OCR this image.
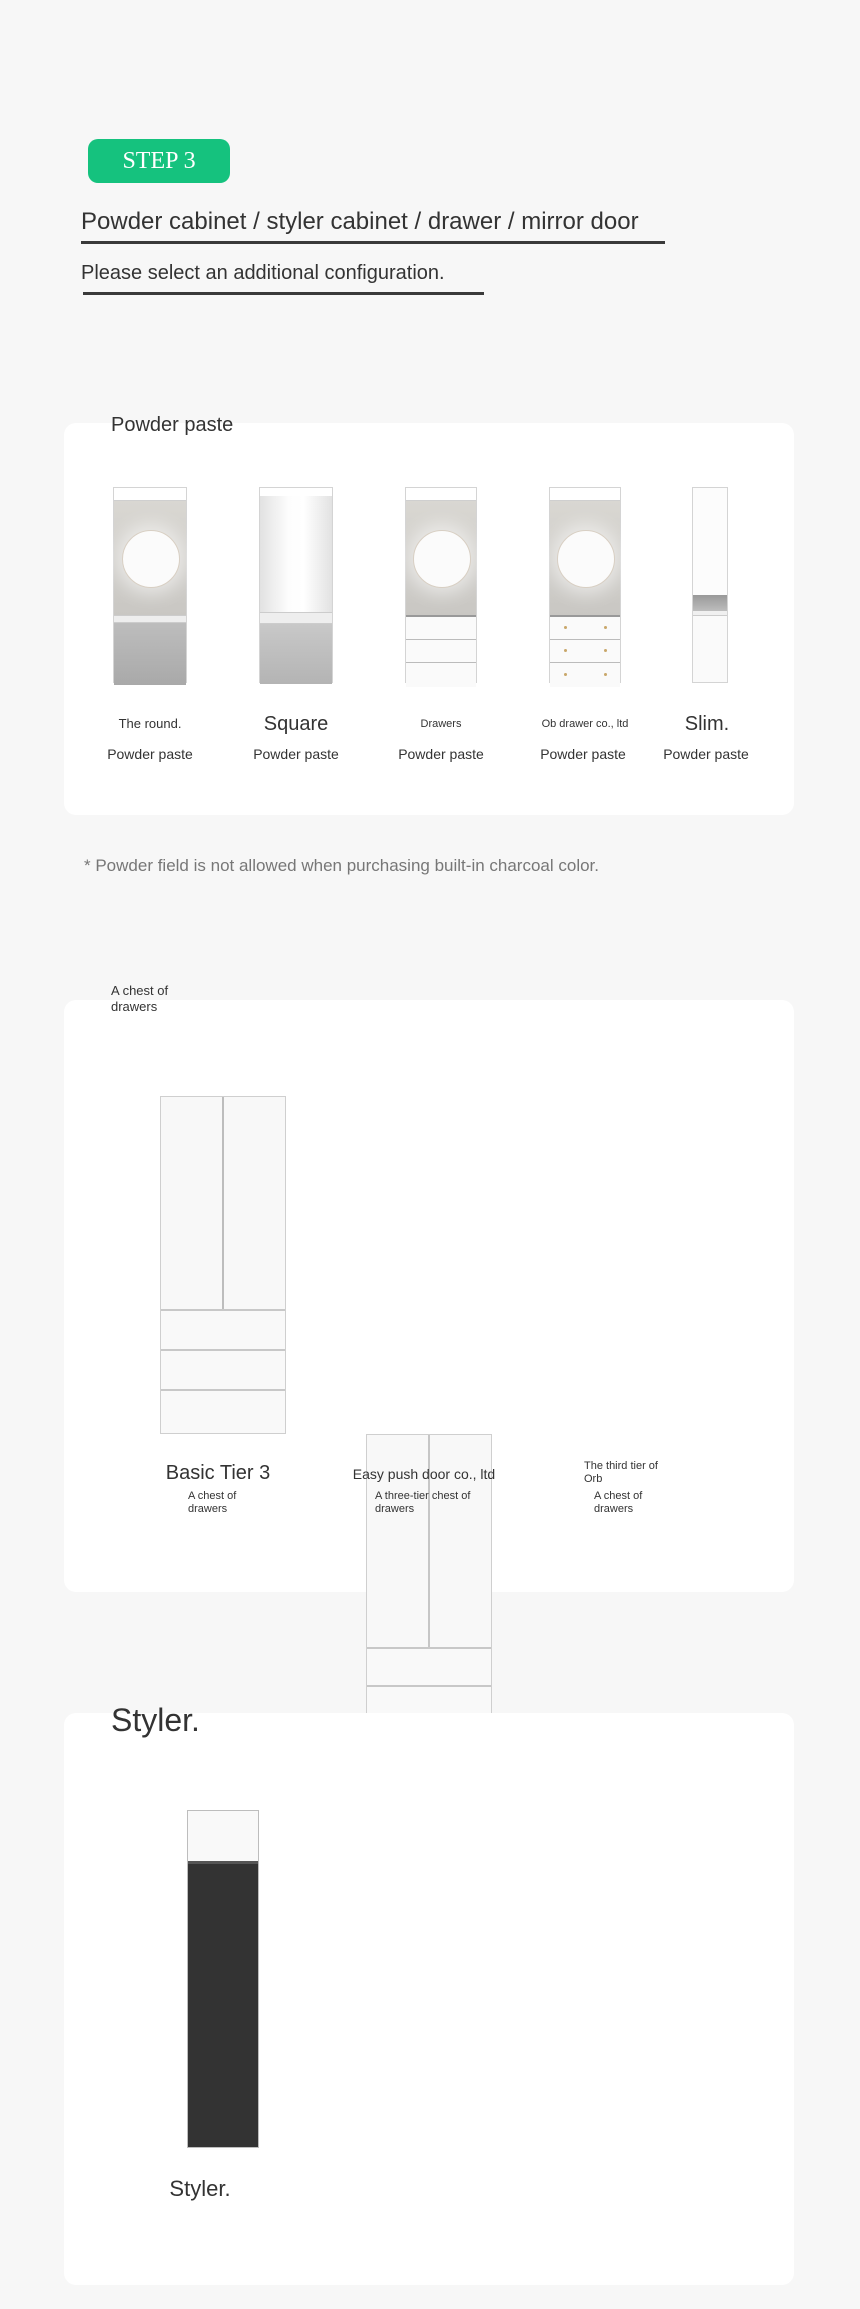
STEP 3
Powder cabinet / styler cabinet / drawer / mirror door
Please select an additional configuration.
Powder paste
The round.
Powder paste
Square
Powder paste
Drawers
Powder paste
Ob drawer co., ltd
Powder paste
Slim.
Powder paste
* Powder field is not allowed when purchasing built-in charcoal color.
A chest of drawers
Basic Tier 3
A chest of drawers
Easy push door co., ltd
A three-tier chest of drawers
The third tier of Orb
A chest of drawers
Styler.
Styler.
